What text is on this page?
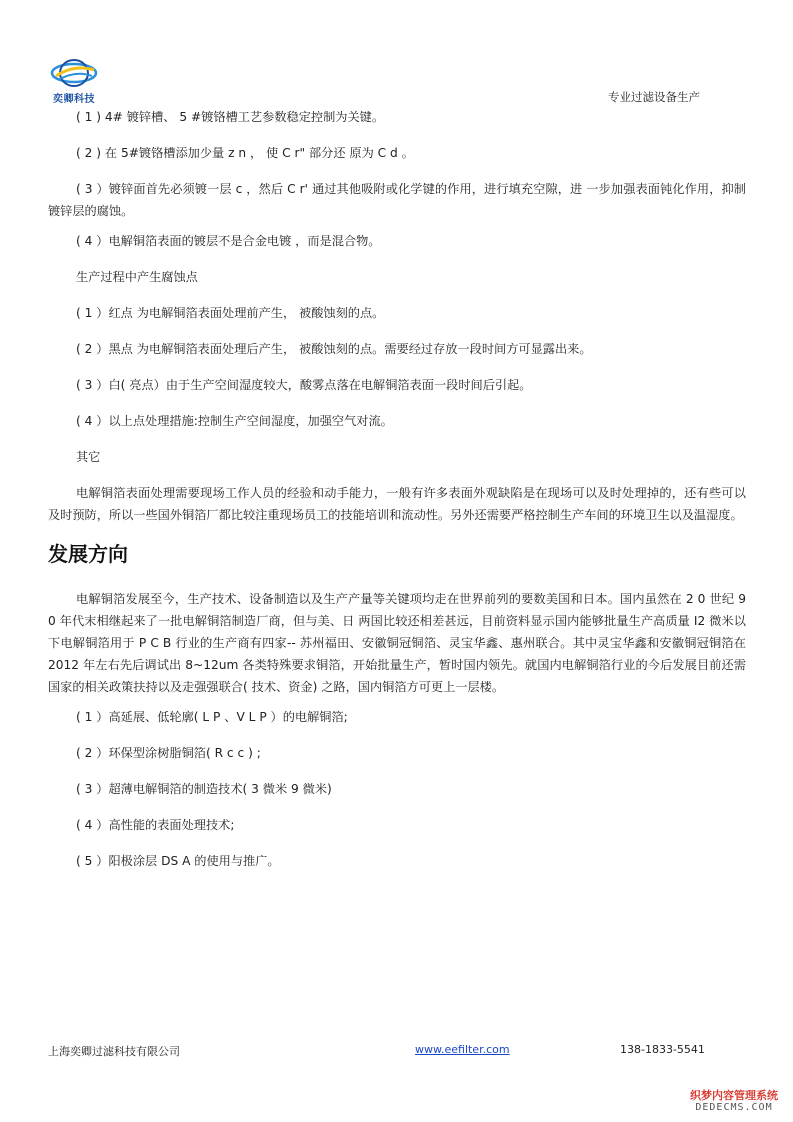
奕卿科技	专业过滤设备生产

( 1 ) 4# 镀锌槽、 5 #镀铬槽工艺参数稳定控制为关键。

( 2 ) 在 5#镀铬槽添加少量 z n ， 使 C r" 部分还 原为 C d 。

( 3 ）镀锌面首先必须镀一层 c ，然后 C r' 通过其他吸附或化学键的作用，进行填充空隙，进 一步加强表面钝化作用，抑制镀锌层的腐蚀。

( 4 ）电解铜箔表面的镀层不是合金电镀 ，而是混合物。

生产过程中产生腐蚀点

( 1 ）红点 为电解铜箔表面处理前产生， 被酸蚀刻的点。

( 2 ）黑点 为电解铜箔表面处理后产生， 被酸蚀刻的点。需要经过存放一段时间方可显露出来。

( 3 ）白( 亮点）由于生产空间湿度较大，酸雾点落在电解铜箔表面一段时间后引起。

( 4 ）以上点处理措施:控制生产空间湿度，加强空气对流。

其它

电解铜箔表面处理需要现场工作人员的经验和动手能力，一般有许多表面外观缺陷是在现场可以及时处理掉的，还有些可以及时预防，所以一些国外铜箔厂都比较注重现场员工的技能培训和流动性。另外还需要严格控制生产车间的环境卫生以及温湿度。

发展方向

电解铜箔发展至今，生产技术、设备制造以及生产产量等关键项均走在世界前列的要数美国和日本。国内虽然在 2 0 世纪 9 0 年代末相继起来了一批电解铜箔制造厂商，但与美、日 两国比较还相差甚远，目前资料显示国内能够批量生产高质量 I2 微米以下电解铜箔用于 P C B 行业的生产商有四家-- 苏州福田、安徽铜冠铜箔、灵宝华鑫、惠州联合。其中灵宝华鑫和安徽铜冠铜箔在 2012 年左右先后调试出 8~12um 各类特殊要求铜箔，开始批量生产，暂时国内领先。就国内电解铜箔行业的今后发展目前还需国家的相关政策扶持以及走强强联合( 技术、资金) 之路，国内铜箔方可更上一层楼。

( 1 ）高延展、低轮廓( L P 、V L P ）的电解铜箔;

( 2 ）环保型涂树脂铜箔( R c c ) ;

( 3 ）超薄电解铜箔的制造技术( 3 微米 9 微米)

( 4 ）高性能的表面处理技术;

( 5 ）阳极涂层 DS A 的使用与推广。

上海奕卿过滤科技有限公司	www.eefilter.com	138-1833-5541
织梦内容管理系统
DEDECMS.COM
